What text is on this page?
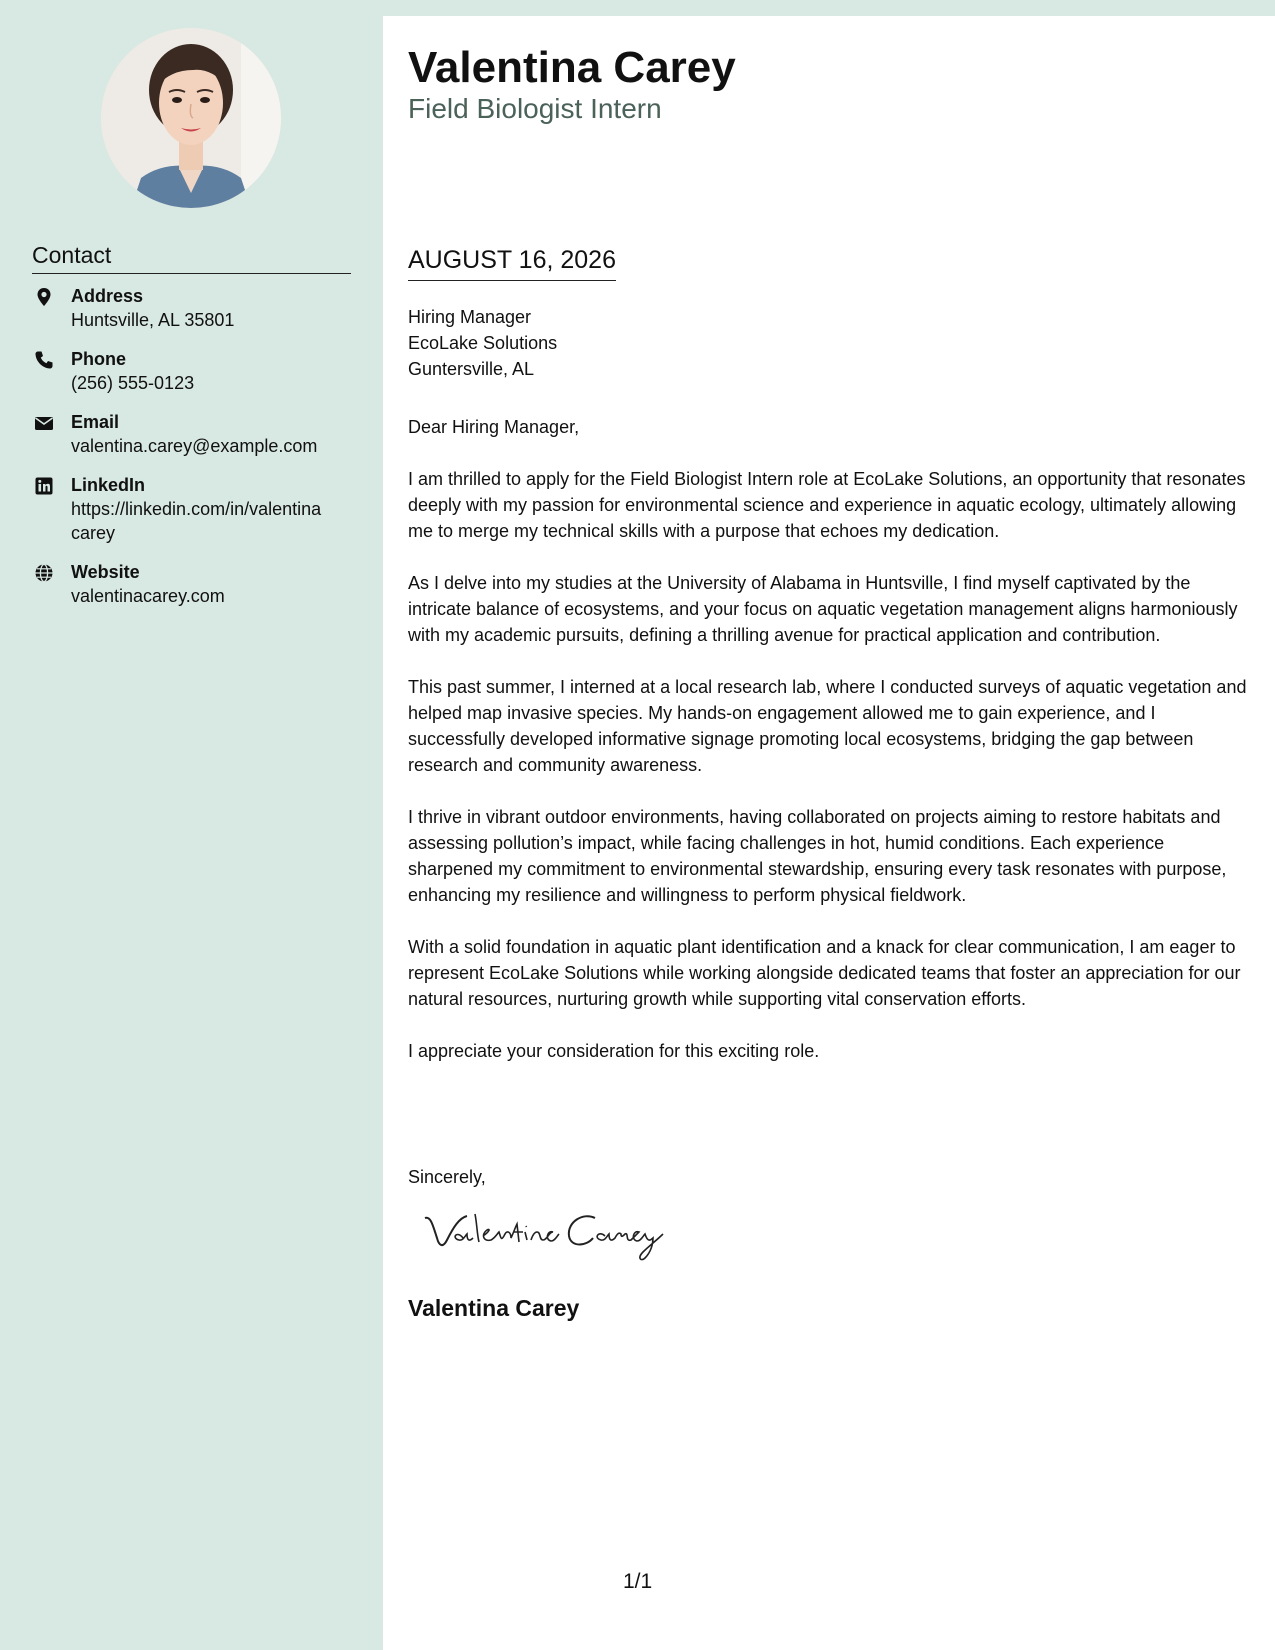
Contact
Address
Huntsville, AL 35801
Phone
(256) 555-0123
Email
valentina.carey@example.com
LinkedIn
https://linkedin.com/in/valentina
carey
Website
valentinacarey.com
Valentina Carey
Field Biologist Intern
AUGUST 16, 2026
Hiring Manager
EcoLake Solutions
Guntersville, AL

Dear Hiring Manager,

I am thrilled to apply for the Field Biologist Intern role at EcoLake Solutions, an opportunity that resonates deeply with my passion for environmental science and experience in aquatic ecology, ultimately allowing me to merge my technical skills with a purpose that echoes my dedication.

As I delve into my studies at the University of Alabama in Huntsville, I find myself captivated by the intricate balance of ecosystems, and your focus on aquatic vegetation management aligns harmoniously with my academic pursuits, defining a thrilling avenue for practical application and contribution.

This past summer, I interned at a local research lab, where I conducted surveys of aquatic vegetation and helped map invasive species. My hands-on engagement allowed me to gain experience, and I successfully developed informative signage promoting local ecosystems, bridging the gap between research and community awareness.

I thrive in vibrant outdoor environments, having collaborated on projects aiming to restore habitats and assessing pollution’s impact, while facing challenges in hot, humid conditions. Each experience sharpened my commitment to environmental stewardship, ensuring every task resonates with purpose, enhancing my resilience and willingness to perform physical fieldwork.

With a solid foundation in aquatic plant identification and a knack for clear communication, I am eager to represent EcoLake Solutions while working alongside dedicated teams that foster an appreciation for our natural resources, nurturing growth while supporting vital conservation efforts.

I appreciate your consideration for this exciting role.

Sincerely,
Valentina Carey
1/1
